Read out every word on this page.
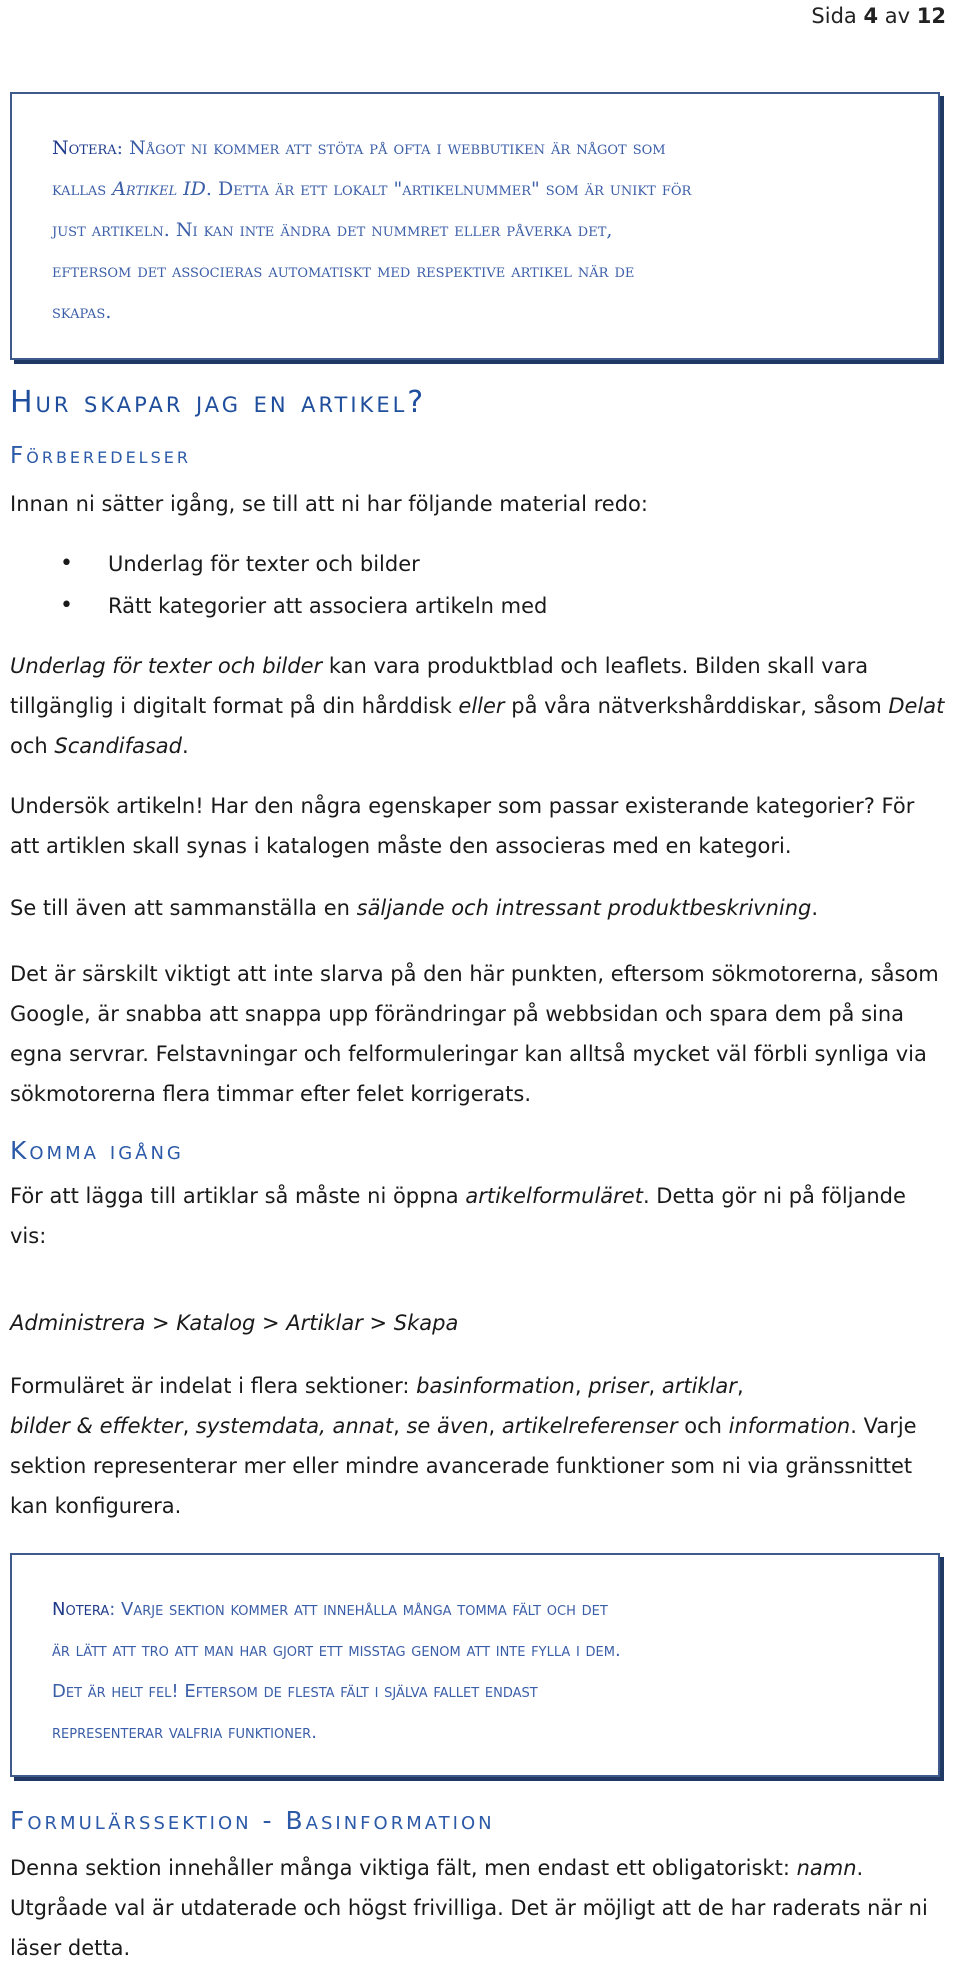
Sida 4 av 12

Notera: Något ni kommer att stöta på ofta i webbutiken är något som

kallas Artikel ID. Detta är ett lokalt "artikelnummer" som är unikt för

just artikeln. Ni kan inte ändra det nummret eller påverka det,

eftersom det associeras automatiskt med respektive artikel när de

skapas.

Hur skapar jag en artikel?
Förberedelser

Innan ni sätter igång, se till att ni har följande material redo:

• Underlag för texter och bilder
• Rätt kategorier att associera artikeln med

Underlag för texter och bilder kan vara produktblad och leaflets. Bilden skall vara tillgänglig i digitalt format på din hårddisk eller på våra nätverkshårddiskar, såsom Delat och Scandifasad.

Undersök artikeln! Har den några egenskaper som passar existerande kategorier? För att artiklen skall synas i katalogen måste den associeras med en kategori.

Se till även att sammanställa en säljande och intressant produktbeskrivning.

Det är särskilt viktigt att inte slarva på den här punkten, eftersom sökmotorerna, såsom Google, är snabba att snappa upp förändringar på webbsidan och spara dem på sina egna servrar. Felstavningar och felformuleringar kan alltså mycket väl förbli synliga via sökmotorerna flera timmar efter felet korrigerats.

Komma igång

För att lägga till artiklar så måste ni öppna artikelformuläret. Detta gör ni på följande vis:

Administrera > Katalog > Artiklar > Skapa

Formuläret är indelat i flera sektioner: basinformation, priser, artiklar,
bilder & effekter, systemdata, annat, se även, artikelreferenser och information. Varje sektion representerar mer eller mindre avancerade funktioner som ni via gränssnittet kan konfigurera.

Notera: Varje sektion kommer att innehålla många tomma fält och det

är lätt att tro att man har gjort ett misstag genom att inte fylla i dem.

Det är helt fel! Eftersom de flesta fält i själva fallet endast

representerar valfria funktioner.

Formulärssektion - Basinformation

Denna sektion innehåller många viktiga fält, men endast ett obligatoriskt: namn. Utgråade val är utdaterade och högst frivilliga. Det är möjligt att de har raderats när ni läser detta.
